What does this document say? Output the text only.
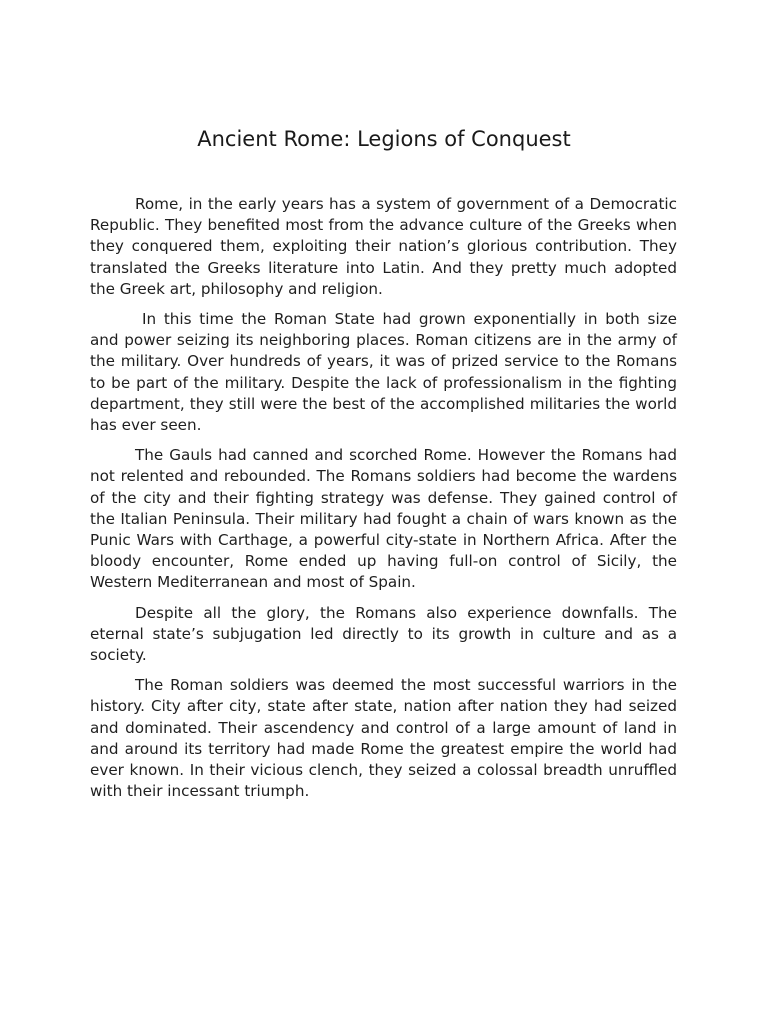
Ancient Rome: Legions of Conquest

Rome, in the early years has a system of government of a Democratic Republic. They benefited most from the advance culture of the Greeks when they conquered them, exploiting their nation’s glorious contribution. They translated the Greeks literature into Latin. And they pretty much adopted the Greek art, philosophy and religion.

In this time the Roman State had grown exponentially in both size and power seizing its neighboring places. Roman citizens are in the army of the military. Over hundreds of years, it was of prized service to the Romans to be part of the military. Despite the lack of professionalism in the fighting department, they still were the best of the accomplished militaries the world has ever seen.

The Gauls had canned and scorched Rome. However the Romans had not relented and rebounded. The Romans soldiers had become the wardens of the city and their fighting strategy was defense. They gained control of the Italian Peninsula. Their military had fought a chain of wars known as the Punic Wars with Carthage, a powerful city-state in Northern Africa. After the bloody encounter, Rome ended up having full-on control of Sicily, the Western Mediterranean and most of Spain.

Despite all the glory, the Romans also experience downfalls. The eternal state’s subjugation led directly to its growth in culture and as a society.

The Roman soldiers was deemed the most successful warriors in the history. City after city, state after state, nation after nation they had seized and dominated. Their ascendency and control of a large amount of land in and around its territory had made Rome the greatest empire the world had ever known. In their vicious clench, they seized a colossal breadth unruffled with their incessant triumph.
